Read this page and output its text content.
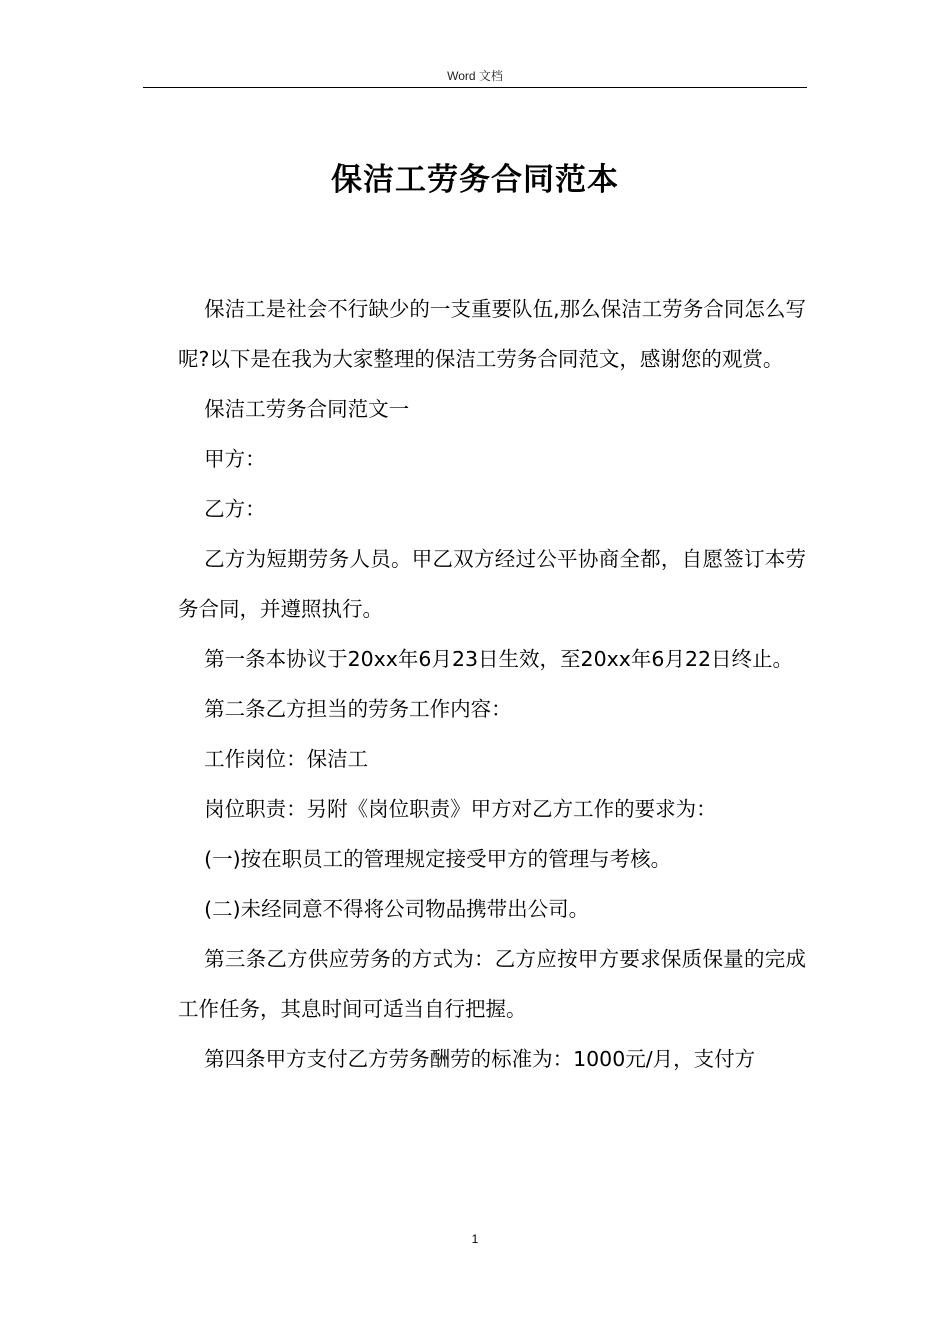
Word 文档
保洁工劳务合同范本

保洁工是社会不行缺少的一支重要队伍,那么保洁工劳务合同怎么写呢?以下是在我为大家整理的保洁工劳务合同范文，感谢您的观赏。

保洁工劳务合同范文一

甲方：

乙方：

乙方为短期劳务人员。甲乙双方经过公平协商全都，自愿签订本劳务合同，并遵照执行。

第一条本协议于20xx年6月23日生效，至20xx年6月22日终止。

第二条乙方担当的劳务工作内容：

工作岗位：保洁工

岗位职责：另附《岗位职责》甲方对乙方工作的要求为：

(一)按在职员工的管理规定接受甲方的管理与考核。

(二)未经同意不得将公司物品携带出公司。

第三条乙方供应劳务的方式为：乙方应按甲方要求保质保量的完成工作任务，其息时间可适当自行把握。

第四条甲方支付乙方劳务酬劳的标准为：1000元/月，支付方

1
